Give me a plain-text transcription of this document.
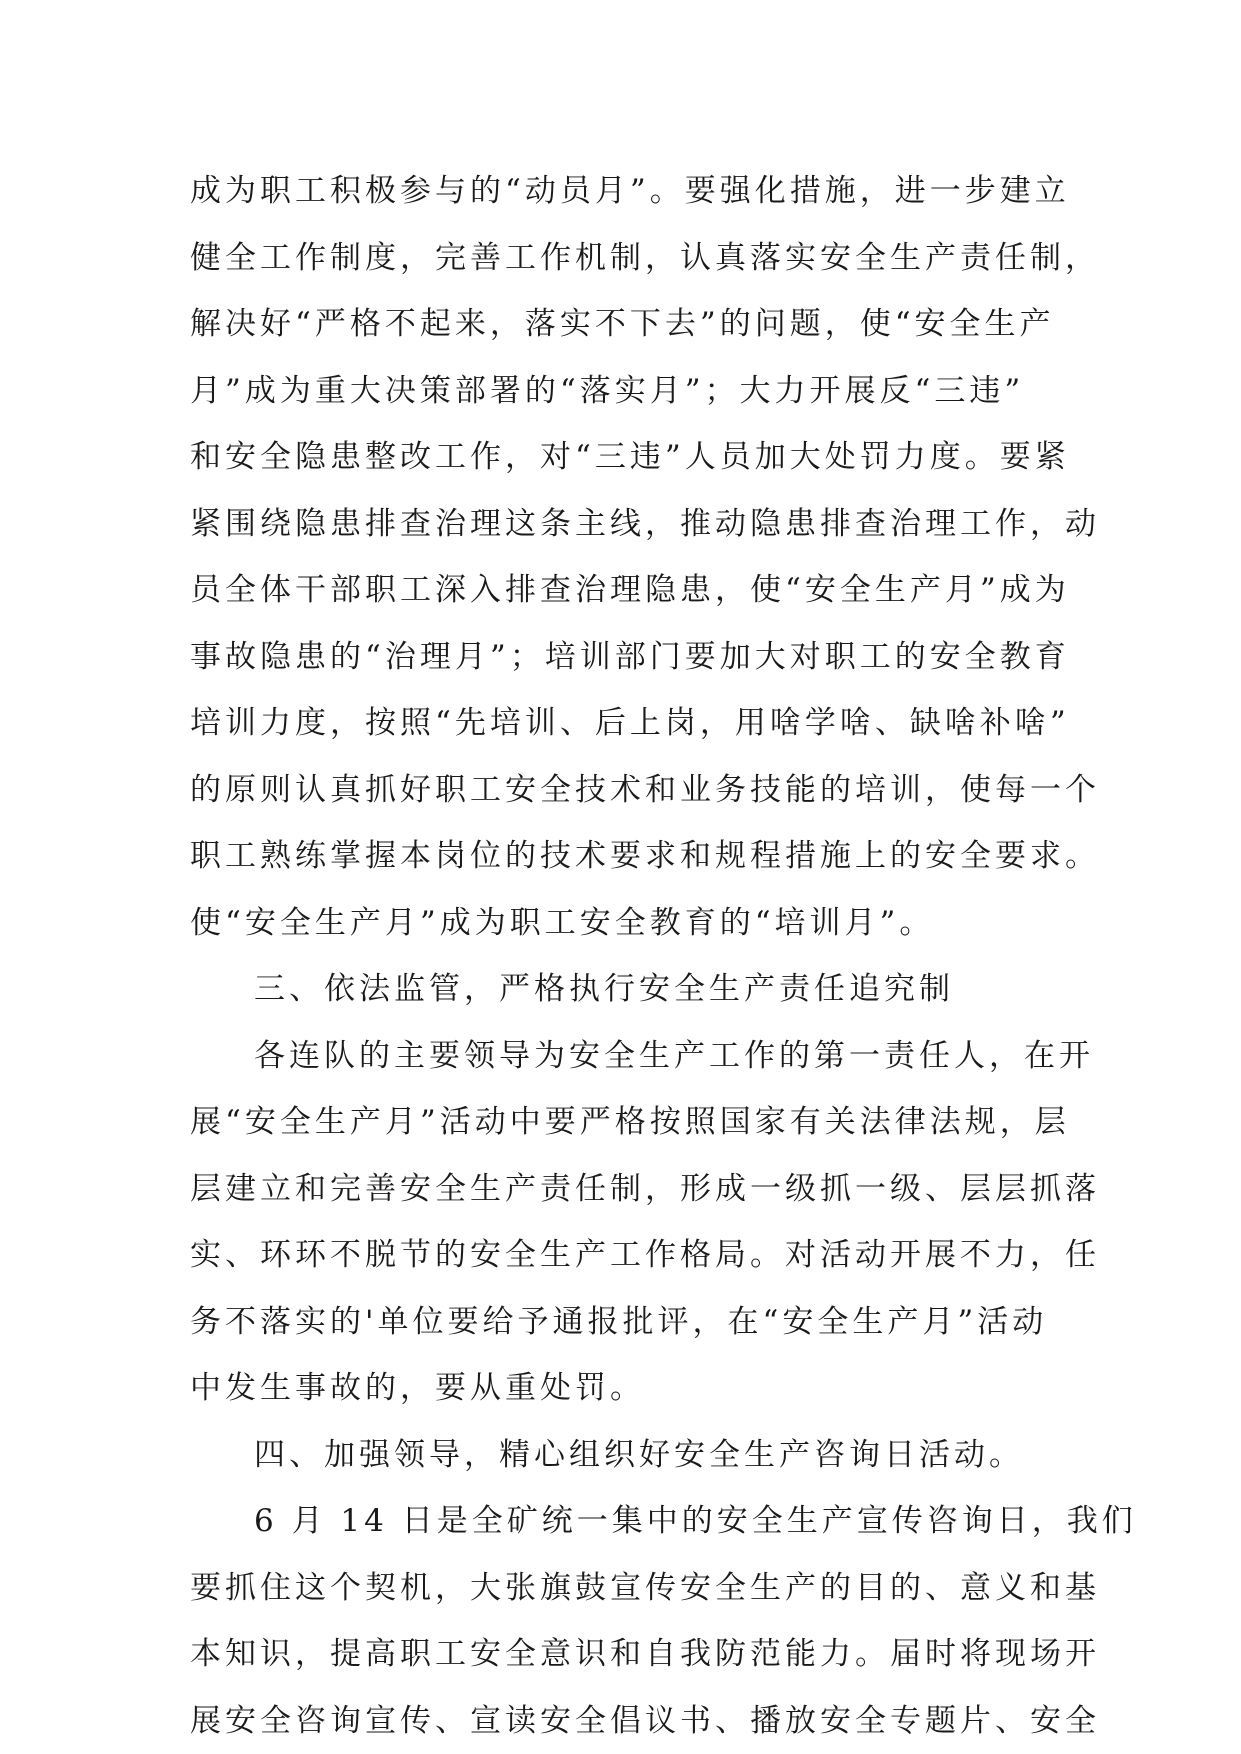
成为职工积极参与的“动员月”。要强化措施，进一步建立
健全工作制度，完善工作机制，认真落实安全生产责任制，
解决好“严格不起来，落实不下去”的问题，使“安全生产
月”成为重大决策部署的“落实月”；大力开展反“三违”
和安全隐患整改工作，对“三违”人员加大处罚力度。要紧
紧围绕隐患排查治理这条主线，推动隐患排查治理工作，动
员全体干部职工深入排查治理隐患，使“安全生产月”成为
事故隐患的“治理月”；培训部门要加大对职工的安全教育
培训力度，按照“先培训、后上岗，用啥学啥、缺啥补啥”
的原则认真抓好职工安全技术和业务技能的培训，使每一个
职工熟练掌握本岗位的技术要求和规程措施上的安全要求。
使“安全生产月”成为职工安全教育的“培训月”。
三、依法监管，严格执行安全生产责任追究制
各连队的主要领导为安全生产工作的第一责任人，在开
展“安全生产月”活动中要严格按照国家有关法律法规，层
层建立和完善安全生产责任制，形成一级抓一级、层层抓落
实、环环不脱节的安全生产工作格局。对活动开展不力，任
务不落实的'单位要给予通报批评，在“安全生产月”活动
中发生事故的，要从重处罚。
四、加强领导，精心组织好安全生产咨询日活动。
6 月 14 日是全矿统一集中的安全生产宣传咨询日，我们
要抓住这个契机，大张旗鼓宣传安全生产的目的、意义和基
本知识，提高职工安全意识和自我防范能力。届时将现场开
展安全咨询宣传、宣读安全倡议书、播放安全专题片、安全
